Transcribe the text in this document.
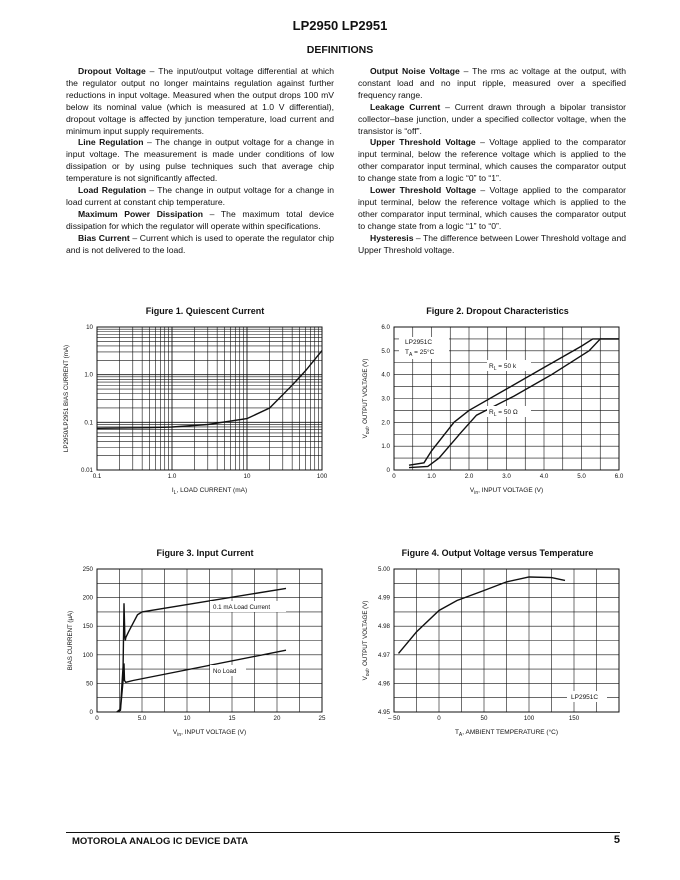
LP2950 LP2951
DEFINITIONS

Dropout Voltage – The input/output voltage differential at which the regulator output no longer maintains regulation against further reductions in input voltage. Measured when the output drops 100 mV below its nominal value (which is measured at 1.0 V differential), dropout voltage is affected by junction temperature, load current and minimum input supply requirements.

Line Regulation – The change in output voltage for a change in input voltage. The measurement is made under conditions of low dissipation or by using pulse techniques such that average chip temperature is not significantly affected.

Load Regulation – The change in output voltage for a change in load current at constant chip temperature.

Maximum Power Dissipation – The maximum total device dissipation for which the regulator will operate within specifications.

Bias Current – Current which is used to operate the regulator chip and is not delivered to the load.

Output Noise Voltage – The rms ac voltage at the output, with constant load and no input ripple, measured over a specified frequency range.

Leakage Current – Current drawn through a bipolar transistor collector–base junction, under a specified collector voltage, when the transistor is “off”.

Upper Threshold Voltage – Voltage applied to the comparator input terminal, below the reference voltage which is applied to the other comparator input terminal, which causes the comparator output to change state from a logic “0” to “1”.

Lower Threshold Voltage – Voltage applied to the comparator input terminal, below the reference voltage which is applied to the other comparator input terminal, which causes the comparator output to change state from a logic “1” to “0”.

Hysteresis – The difference between Lower Threshold voltage and Upper Threshold voltage.

Figure 1. Quiescent Current
0.1	1.0	10	100
0.01
0.1
1.0
10
$I_L$, LOAD CURRENT (mA)
LP2950/LP2951 BIAS CURRENT (mA)
Figure 2. Dropout Characteristics
0	1.0	2.0	3.0	4.0	5.0	6.0
0
1.0
2.0
3.0
4.0
5.0
6.0
$V_{in}$, INPUT VOLTAGE (V)
$V_{out}$, OUTPUT VOLTAGE (V)
LP2951C
$T_A = 25^\circ C$
$R_L = 50$ k
$R_L = 50$ Ω
Figure 3. Input Current
0	5.0	10	15	20	25
0
50
100
150
200
250
$V_{in}$, INPUT VOLTAGE (V)
BIAS CURRENT (µA)
0.1 mA Load Current
No Load
Figure 4. Output Voltage versus Temperature
– 50	0	50	100	150
4.95
4.96
4.97
4.98
4.99
5.00
$T_A$, AMBIENT TEMPERATURE (°C)
$V_{out}$, OUTPUT VOLTAGE (V)
LP2951C
MOTOROLA ANALOG IC DEVICE DATA	5
